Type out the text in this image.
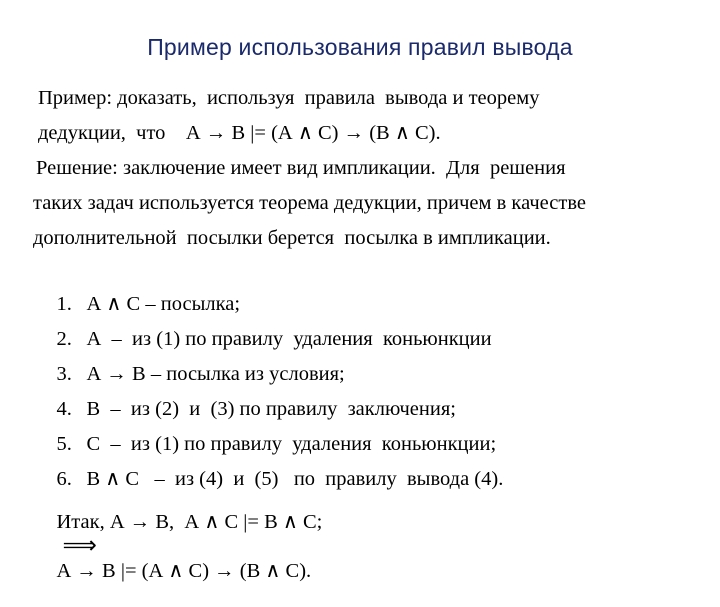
Пример использования правил вывода
Пример: доказать,  используя  правила  вывода и теорему
дедукции,  что    А → В |= (А ∧ С) → (В ∧ С).
Решение: заключение имеет вид импликации.  Для  решения
таких задач используется теорема дедукции, причем в качестве
дополнительной  посылки берется  посылка в импликации.

1. А ∧ С – посылка;

2. А  –  из (1) по правилу  удаления  коньюнкции

3. А → В – посылка из условия;

4. В  –  из (2)  и  (3) по правилу  заключения;

5. С  –  из (1) по правилу  удаления  коньюнкции;

6. В ∧ С   –  из (4)  и  (5)   по  правилу  вывода (4).

Итак, А → В,  А ∧ С |= В ∧ С;
⟹
А → В |= (А ∧ С) → (В ∧ С).
